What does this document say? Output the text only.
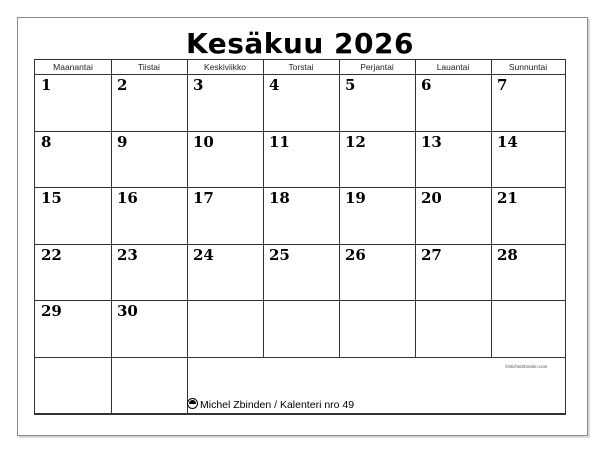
Kesäkuu 2026
Maanantai	Tiistai	Keskiviikko	Torstai	Perjantai	Lauantai	Sunnuntai
1	2	3	4	5	6	7
8	9	10	11	12	13	14
15	16	17	18	19	20	21
22	23	24	25	26	27	28
29	30
©MichelZbinden.com
Michel Zbinden / Kalenteri nro 49
